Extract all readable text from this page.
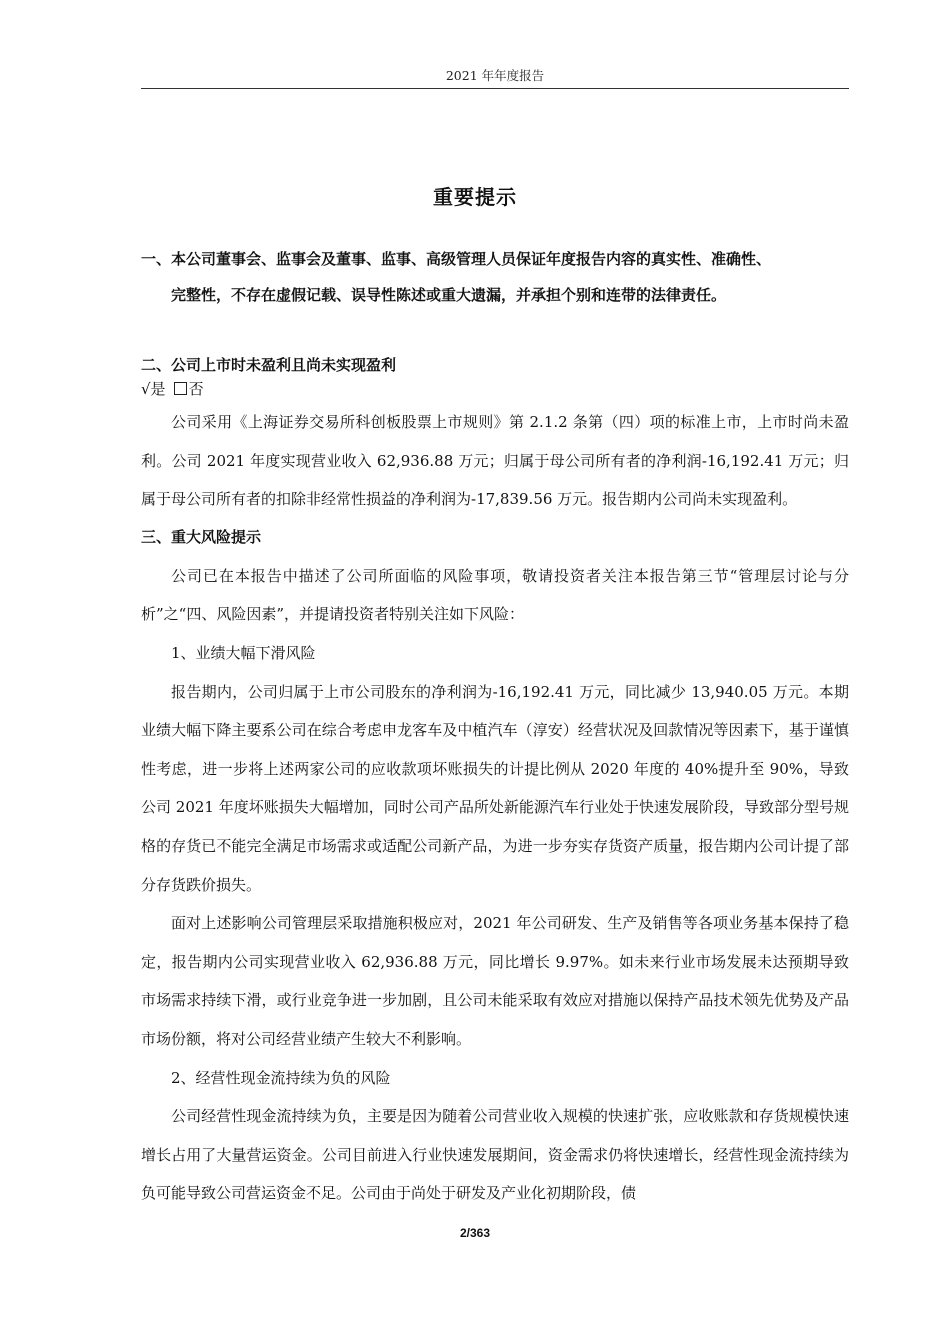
2021 年年度报告
重要提示
一、本公司董事会、监事会及董事、监事、高级管理人员保证年度报告内容的真实性、准确性、
完整性，不存在虚假记载、误导性陈述或重大遗漏，并承担个别和连带的法律责任。

二、公司上市时未盈利且尚未实现盈利

√是 否

公司采用《上海证券交易所科创板股票上市规则》第 2.1.2 条第（四）项的标准上市，上市时尚未盈利。公司 2021 年度实现营业收入 62,936.88 万元；归属于母公司所有者的净利润-16,192.41 万元；归属于母公司所有者的扣除非经常性损益的净利润为-17,839.56 万元。报告期内公司尚未实现盈利。

三、重大风险提示

公司已在本报告中描述了公司所面临的风险事项，敬请投资者关注本报告第三节“管理层讨论与分析”之“四、风险因素”，并提请投资者特别关注如下风险：

1、业绩大幅下滑风险

报告期内，公司归属于上市公司股东的净利润为-16,192.41 万元，同比减少 13,940.05 万元。本期业绩大幅下降主要系公司在综合考虑申龙客车及中植汽车（淳安）经营状况及回款情况等因素下，基于谨慎性考虑，进一步将上述两家公司的应收款项坏账损失的计提比例从 2020 年度的 40%提升至 90%，导致公司 2021 年度坏账损失大幅增加，同时公司产品所处新能源汽车行业处于快速发展阶段，导致部分型号规格的存货已不能完全满足市场需求或适配公司新产品，为进一步夯实存货资产质量，报告期内公司计提了部分存货跌价损失。

面对上述影响公司管理层采取措施积极应对，2021 年公司研发、生产及销售等各项业务基本保持了稳定，报告期内公司实现营业收入 62,936.88 万元，同比增长 9.97%。如未来行业市场发展未达预期导致市场需求持续下滑，或行业竞争进一步加剧，且公司未能采取有效应对措施以保持产品技术领先优势及产品市场份额，将对公司经营业绩产生较大不利影响。

2、经营性现金流持续为负的风险

公司经营性现金流持续为负，主要是因为随着公司营业收入规模的快速扩张，应收账款和存货规模快速增长占用了大量营运资金。公司目前进入行业快速发展期间，资金需求仍将快速增长，经营性现金流持续为负可能导致公司营运资金不足。公司由于尚处于研发及产业化初期阶段，债

2/363
